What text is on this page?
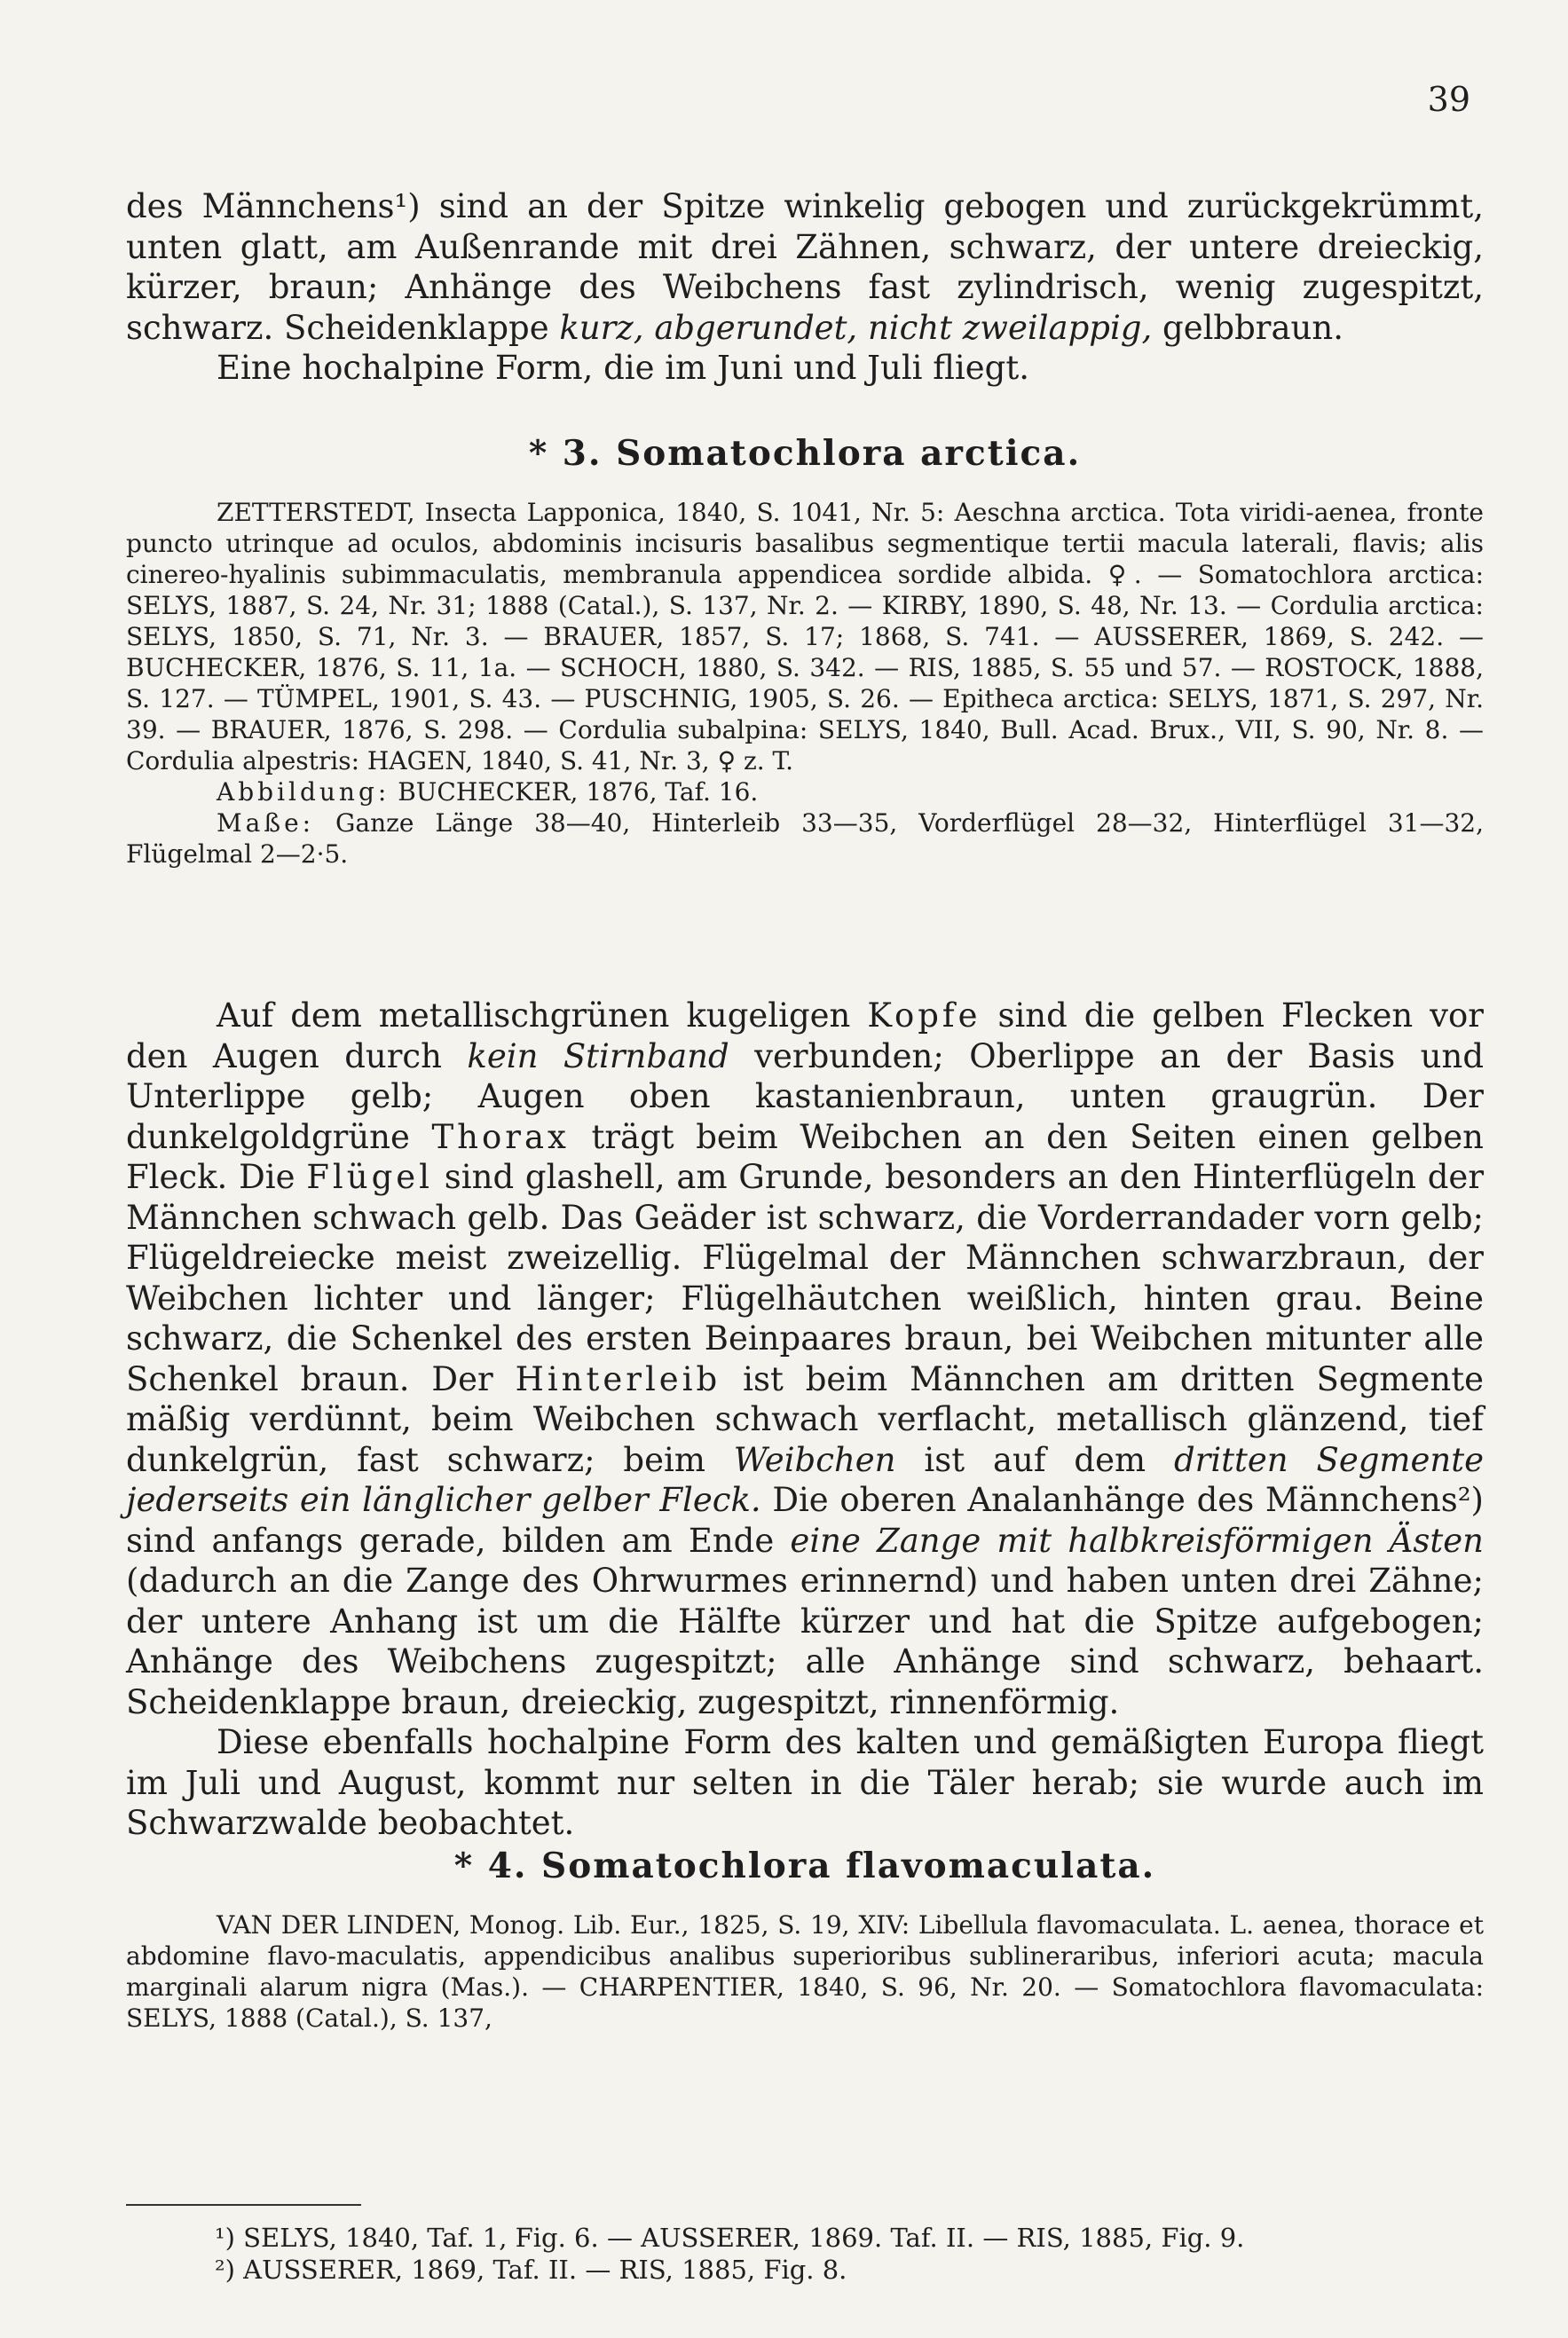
39

des Männchens¹) sind an der Spitze winkelig gebogen und zurückgekrümmt, unten glatt, am Außenrande mit drei Zähnen, schwarz, der untere dreieckig, kürzer, braun; Anhänge des Weibchens fast zylindrisch, wenig zugespitzt, schwarz. Scheidenklappe kurz, abgerundet, nicht zweilappig, gelbbraun.

Eine hochalpine Form, die im Juni und Juli fliegt.

* 3. Somatochlora arctica.

ZETTERSTEDT, Insecta Lapponica, 1840, S. 1041, Nr. 5: Aeschna arctica. Tota viridi-aenea, fronte puncto utrinque ad oculos, abdominis incisuris basalibus segmentique tertii macula laterali, flavis; alis cinereo-hyalinis subimmaculatis, membranula appendicea sordide albida. ♀. — Somatochlora arctica: SELYS, 1887, S. 24, Nr. 31; 1888 (Catal.), S. 137, Nr. 2. — KIRBY, 1890, S. 48, Nr. 13. — Cordulia arctica: SELYS, 1850, S. 71, Nr. 3. — BRAUER, 1857, S. 17; 1868, S. 741. — AUSSERER, 1869, S. 242. — BUCHECKER, 1876, S. 11, 1a. — SCHOCH, 1880, S. 342. — RIS, 1885, S. 55 und 57. — ROSTOCK, 1888, S. 127. — TÜMPEL, 1901, S. 43. — PUSCHNIG, 1905, S. 26. — Epitheca arctica: SELYS, 1871, S. 297, Nr. 39. — BRAUER, 1876, S. 298. — Cordulia subalpina: SELYS, 1840, Bull. Acad. Brux., VII, S. 90, Nr. 8. — Cordulia alpestris: HAGEN, 1840, S. 41, Nr. 3, ♀ z. T.

Abbildung: BUCHECKER, 1876, Taf. 16.

Maße: Ganze Länge 38—40, Hinterleib 33—35, Vorderflügel 28—32, Hinterflügel 31—32, Flügelmal 2—2·5.

Auf dem metallischgrünen kugeligen Kopfe sind die gelben Flecken vor den Augen durch kein Stirnband verbunden; Oberlippe an der Basis und Unterlippe gelb; Augen oben kastanienbraun, unten graugrün. Der dunkelgoldgrüne Thorax trägt beim Weibchen an den Seiten einen gelben Fleck. Die Flügel sind glashell, am Grunde, besonders an den Hinterflügeln der Männchen schwach gelb. Das Geäder ist schwarz, die Vorderrandader vorn gelb; Flügeldreiecke meist zweizellig. Flügelmal der Männchen schwarzbraun, der Weibchen lichter und länger; Flügelhäutchen weißlich, hinten grau. Beine schwarz, die Schenkel des ersten Beinpaares braun, bei Weibchen mitunter alle Schenkel braun. Der Hinterleib ist beim Männchen am dritten Segmente mäßig verdünnt, beim Weibchen schwach verflacht, metallisch glänzend, tief dunkelgrün, fast schwarz; beim Weibchen ist auf dem dritten Segmente jederseits ein länglicher gelber Fleck. Die oberen Analanhänge des Männchens²) sind anfangs gerade, bilden am Ende eine Zange mit halbkreisförmigen Ästen (dadurch an die Zange des Ohrwurmes erinnernd) und haben unten drei Zähne; der untere Anhang ist um die Hälfte kürzer und hat die Spitze aufgebogen; Anhänge des Weibchens zugespitzt; alle Anhänge sind schwarz, behaart. Scheidenklappe braun, dreieckig, zugespitzt, rinnenförmig.

Diese ebenfalls hochalpine Form des kalten und gemäßigten Europa fliegt im Juli und August, kommt nur selten in die Täler herab; sie wurde auch im Schwarzwalde beobachtet.

* 4. Somatochlora flavomaculata.

VAN DER LINDEN, Monog. Lib. Eur., 1825, S. 19, XIV: Libellula flavomaculata. L. aenea, thorace et abdomine flavo-maculatis, appendicibus analibus superioribus sublineraribus, inferiori acuta; macula marginali alarum nigra (Mas.). — CHARPENTIER, 1840, S. 96, Nr. 20. — Somatochlora flavomaculata: SELYS, 1888 (Catal.), S. 137,

¹) SELYS, 1840, Taf. 1, Fig. 6. — AUSSERER, 1869. Taf. II. — RIS, 1885, Fig. 9.

²) AUSSERER, 1869, Taf. II. — RIS, 1885, Fig. 8.
